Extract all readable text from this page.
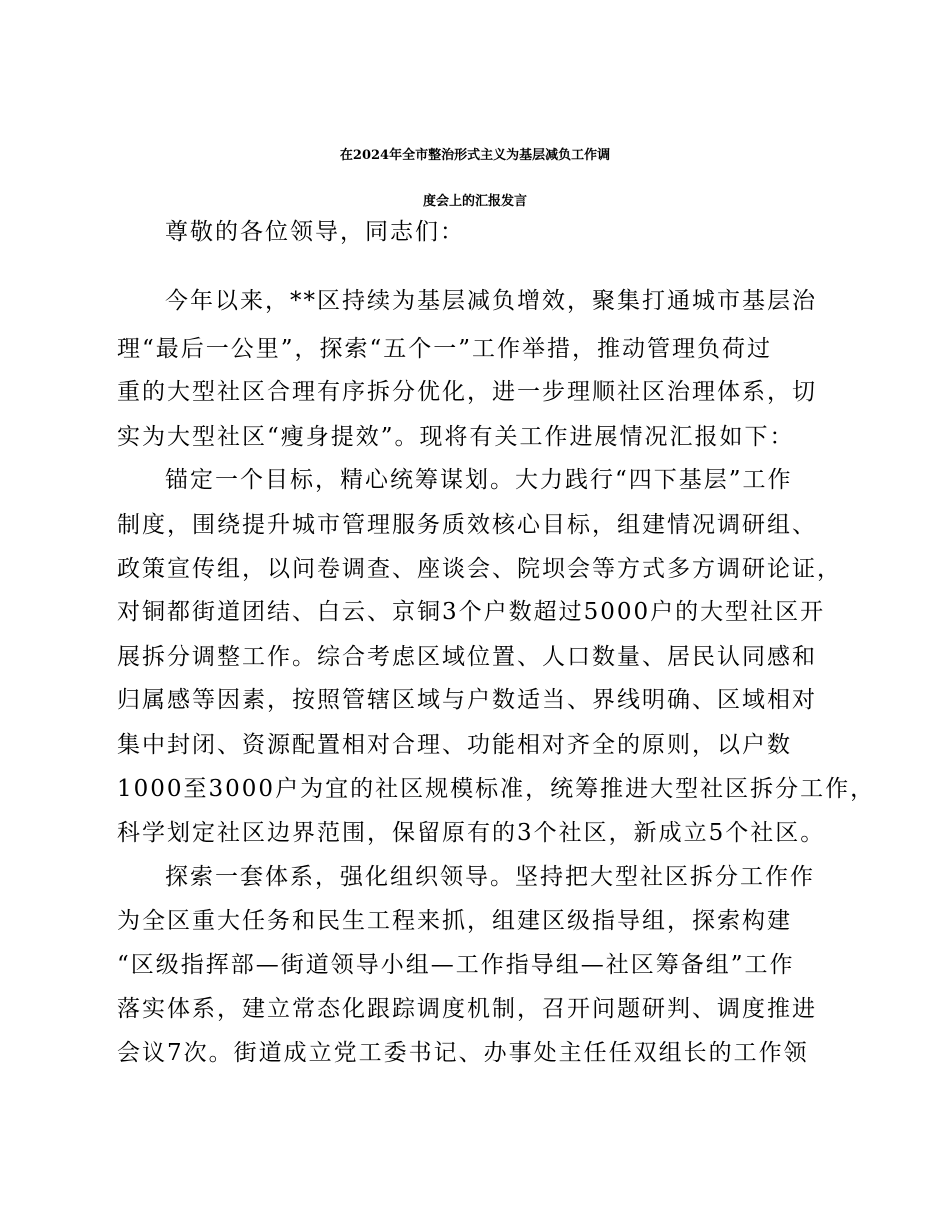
在2024年全市整治形式主义为基层减负工作调
度会上的汇报发言

尊敬的各位领导，同志们：

今年以来，**区持续为基层减负增效，聚集打通城市基层治

理“最后一公里”，探索“五个一”工作举措，推动管理负荷过

重的大型社区合理有序拆分优化，进一步理顺社区治理体系，切

实为大型社区“瘦身提效”。现将有关工作进展情况汇报如下：

锚定一个目标，精心统筹谋划。大力践行“四下基层”工作

制度，围绕提升城市管理服务质效核心目标，组建情况调研组、

政策宣传组，以问卷调查、座谈会、院坝会等方式多方调研论证，

对铜都街道团结、白云、京铜3个户数超过5000户的大型社区开

展拆分调整工作。综合考虑区域位置、人口数量、居民认同感和

归属感等因素，按照管辖区域与户数适当、界线明确、区域相对

集中封闭、资源配置相对合理、功能相对齐全的原则，以户数

1000至3000户为宜的社区规模标准，统筹推进大型社区拆分工作，

科学划定社区边界范围，保留原有的3个社区，新成立5个社区。

探索一套体系，强化组织领导。坚持把大型社区拆分工作作

为全区重大任务和民生工程来抓，组建区级指导组，探索构建

“区级指挥部—街道领导小组—工作指导组—社区筹备组”工作

落实体系，建立常态化跟踪调度机制，召开问题研判、调度推进

会议7次。街道成立党工委书记、办事处主任任双组长的工作领
